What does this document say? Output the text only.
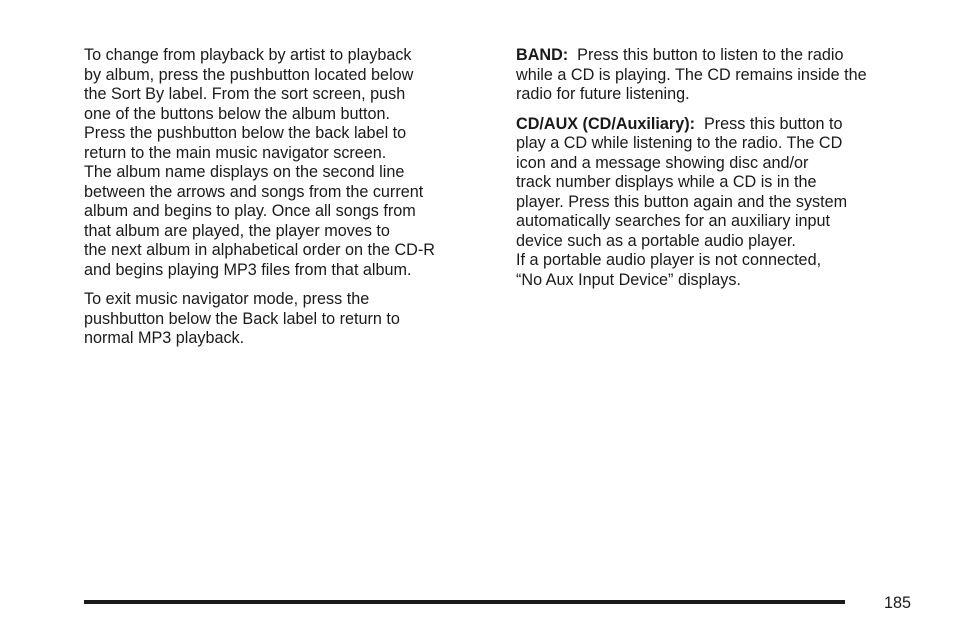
To change from playback by artist to playback
by album, press the pushbutton located below
the Sort By label. From the sort screen, push
one of the buttons below the album button.
Press the pushbutton below the back label to
return to the main music navigator screen.
The album name displays on the second line
between the arrows and songs from the current
album and begins to play. Once all songs from
that album are played, the player moves to
the next album in alphabetical order on the CD-R
and begins playing MP3 files from that album.

To exit music navigator mode, press the
pushbutton below the Back label to return to
normal MP3 playback.

BAND: Press this button to listen to the radio
while a CD is playing. The CD remains inside the
radio for future listening.

CD/AUX (CD/Auxiliary): Press this button to
play a CD while listening to the radio. The CD
icon and a message showing disc and/or
track number displays while a CD is in the
player. Press this button again and the system
automatically searches for an auxiliary input
device such as a portable audio player.
If a portable audio player is not connected,
“No Aux Input Device” displays.

185
